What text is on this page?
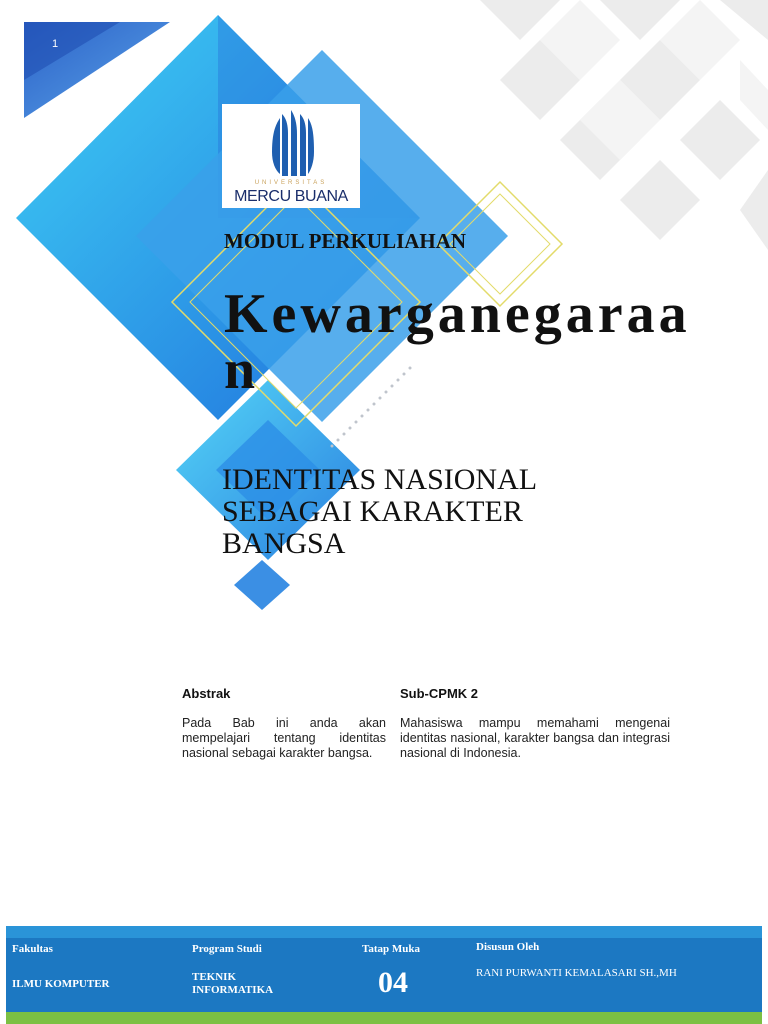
1
UNIVERSITAS
MERCU BUANA
MODUL PERKULIAHAN
Kewarganegaraan
IDENTITAS NASIONAL SEBAGAI KARAKTER BANGSA

Abstrak

Pada Bab ini anda akan mempelajari tentang identitas nasional sebagai karakter bangsa.

Sub-CPMK 2

Mahasiswa mampu memahami mengenai identitas nasional, karakter bangsa dan integrasi nasional di Indonesia.

Fakultas
ILMU KOMPUTER
Program Studi
TEKNIK
INFORMATIKA
Tatap Muka
04
Disusun Oleh
RANI PURWANTI KEMALASARI SH.,MH
